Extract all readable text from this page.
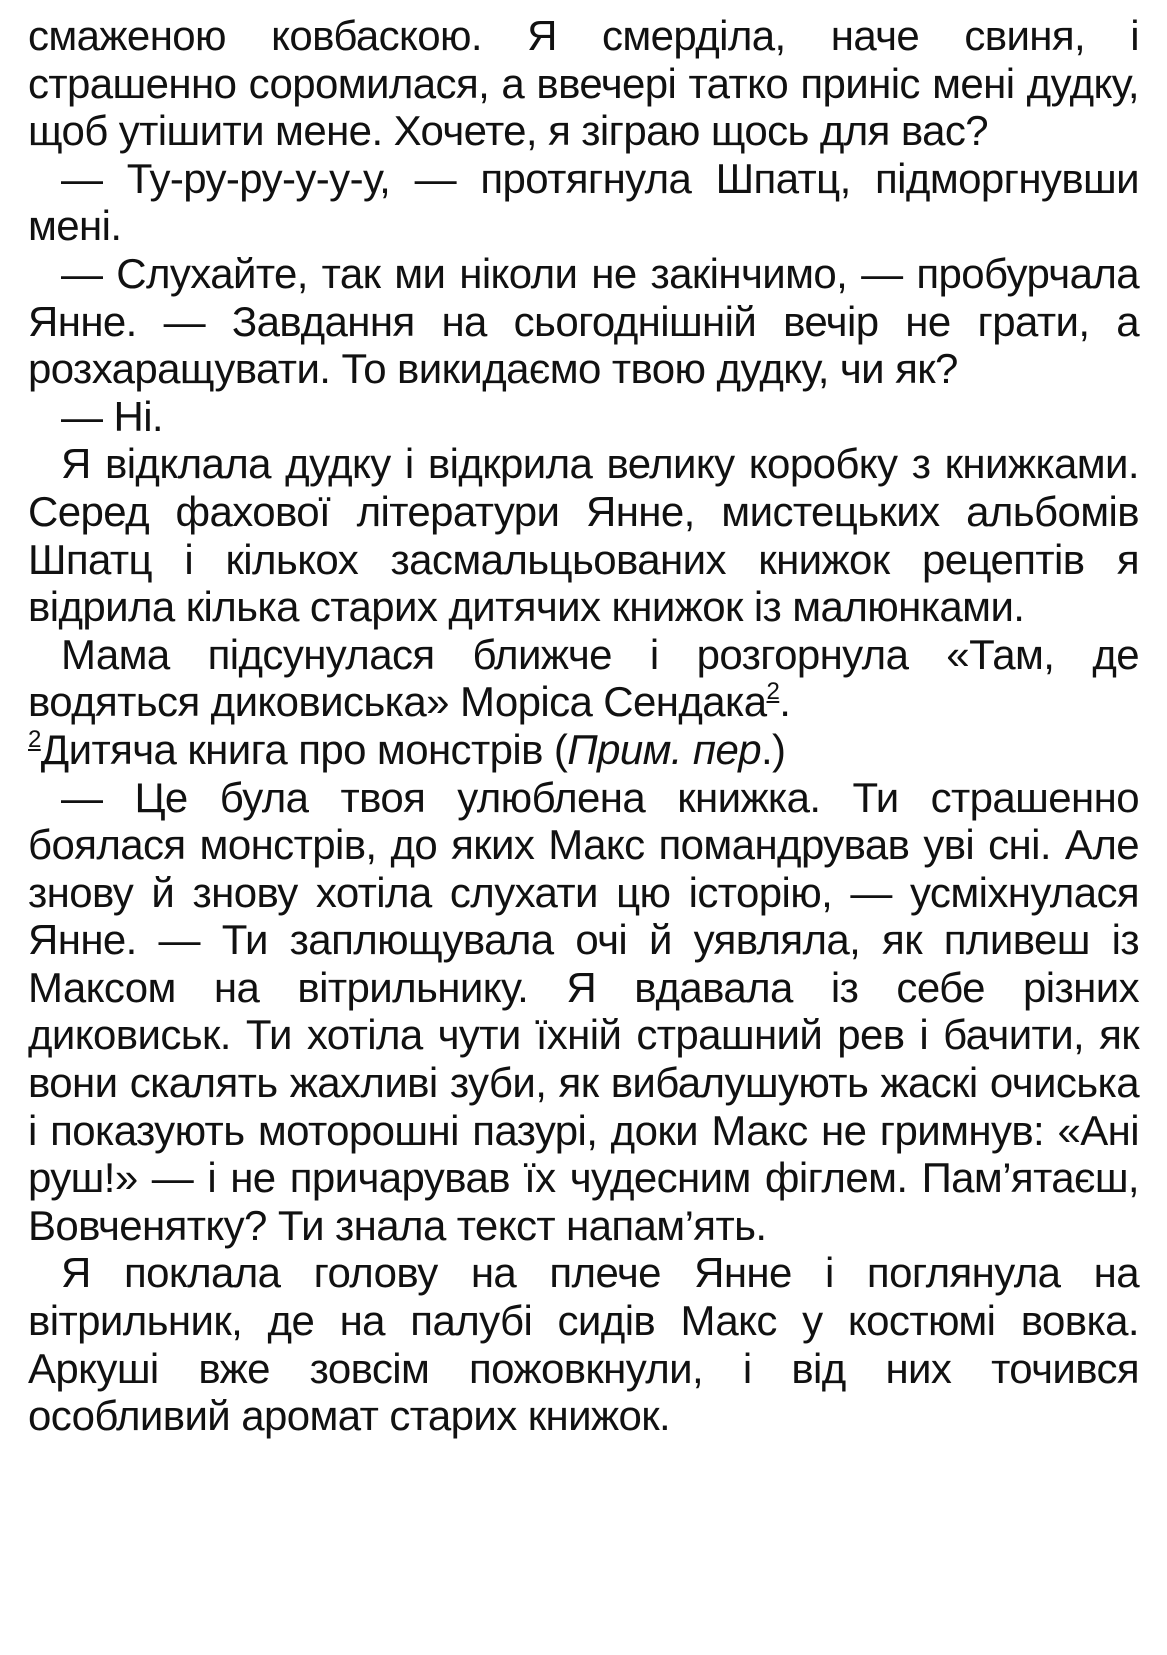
смаженою ковбаскою. Я смерділа, наче свиня, і страшенно соромилася, а ввечері татко приніс мені дудку, щоб утішити мене. Хочете, я зіграю щось для вас?

— Ту-ру-ру-у-у-у, — протягнула Шпатц, підморгнувши мені.

— Слухайте, так ми ніколи не закінчимо, — пробурчала Янне. — Завдання на сьогоднішній вечір не грати, а розхаращувати. То викидаємо твою дудку, чи як?

— Ні.

Я відклала дудку і відкрила велику коробку з книжками. Серед фахової літератури Янне, мистецьких альбомів Шпатц і кількох засмальцьованих книжок рецептів я відрила кілька старих дитячих книжок із малюнками.

Мама підсунулася ближче і розгорнула «Там, де водяться диковиська» Моріса Сендака$^2$.

$^2$Дитяча книга про монстрів (Прим. пер.)

— Це була твоя улюблена книжка. Ти страшенно боялася монстрів, до яких Макс помандрував уві сні. Але знову й знову хотіла слухати цю історію, — усміхнулася Янне. — Ти заплющувала очі й уявляла, як пливеш із Максом на вітрильнику. Я вдавала із себе різних диковиськ. Ти хотіла чути їхній страшний рев і бачити, як вони скалять жахливі зуби, як вибалушують жаскі очиська і показують моторошні пазурі, доки Макс не гримнув: «Ані руш!» — і не причарував їх чудесним фіглем. Пам’ятаєш, Вовченятку? Ти знала текст напам’ять.

Я поклала голову на плече Янне і поглянула на вітрильник, де на палубі сидів Макс у костюмі вовка. Аркуші вже зовсім пожовкнули, і від них точився особливий аромат старих книжок.
